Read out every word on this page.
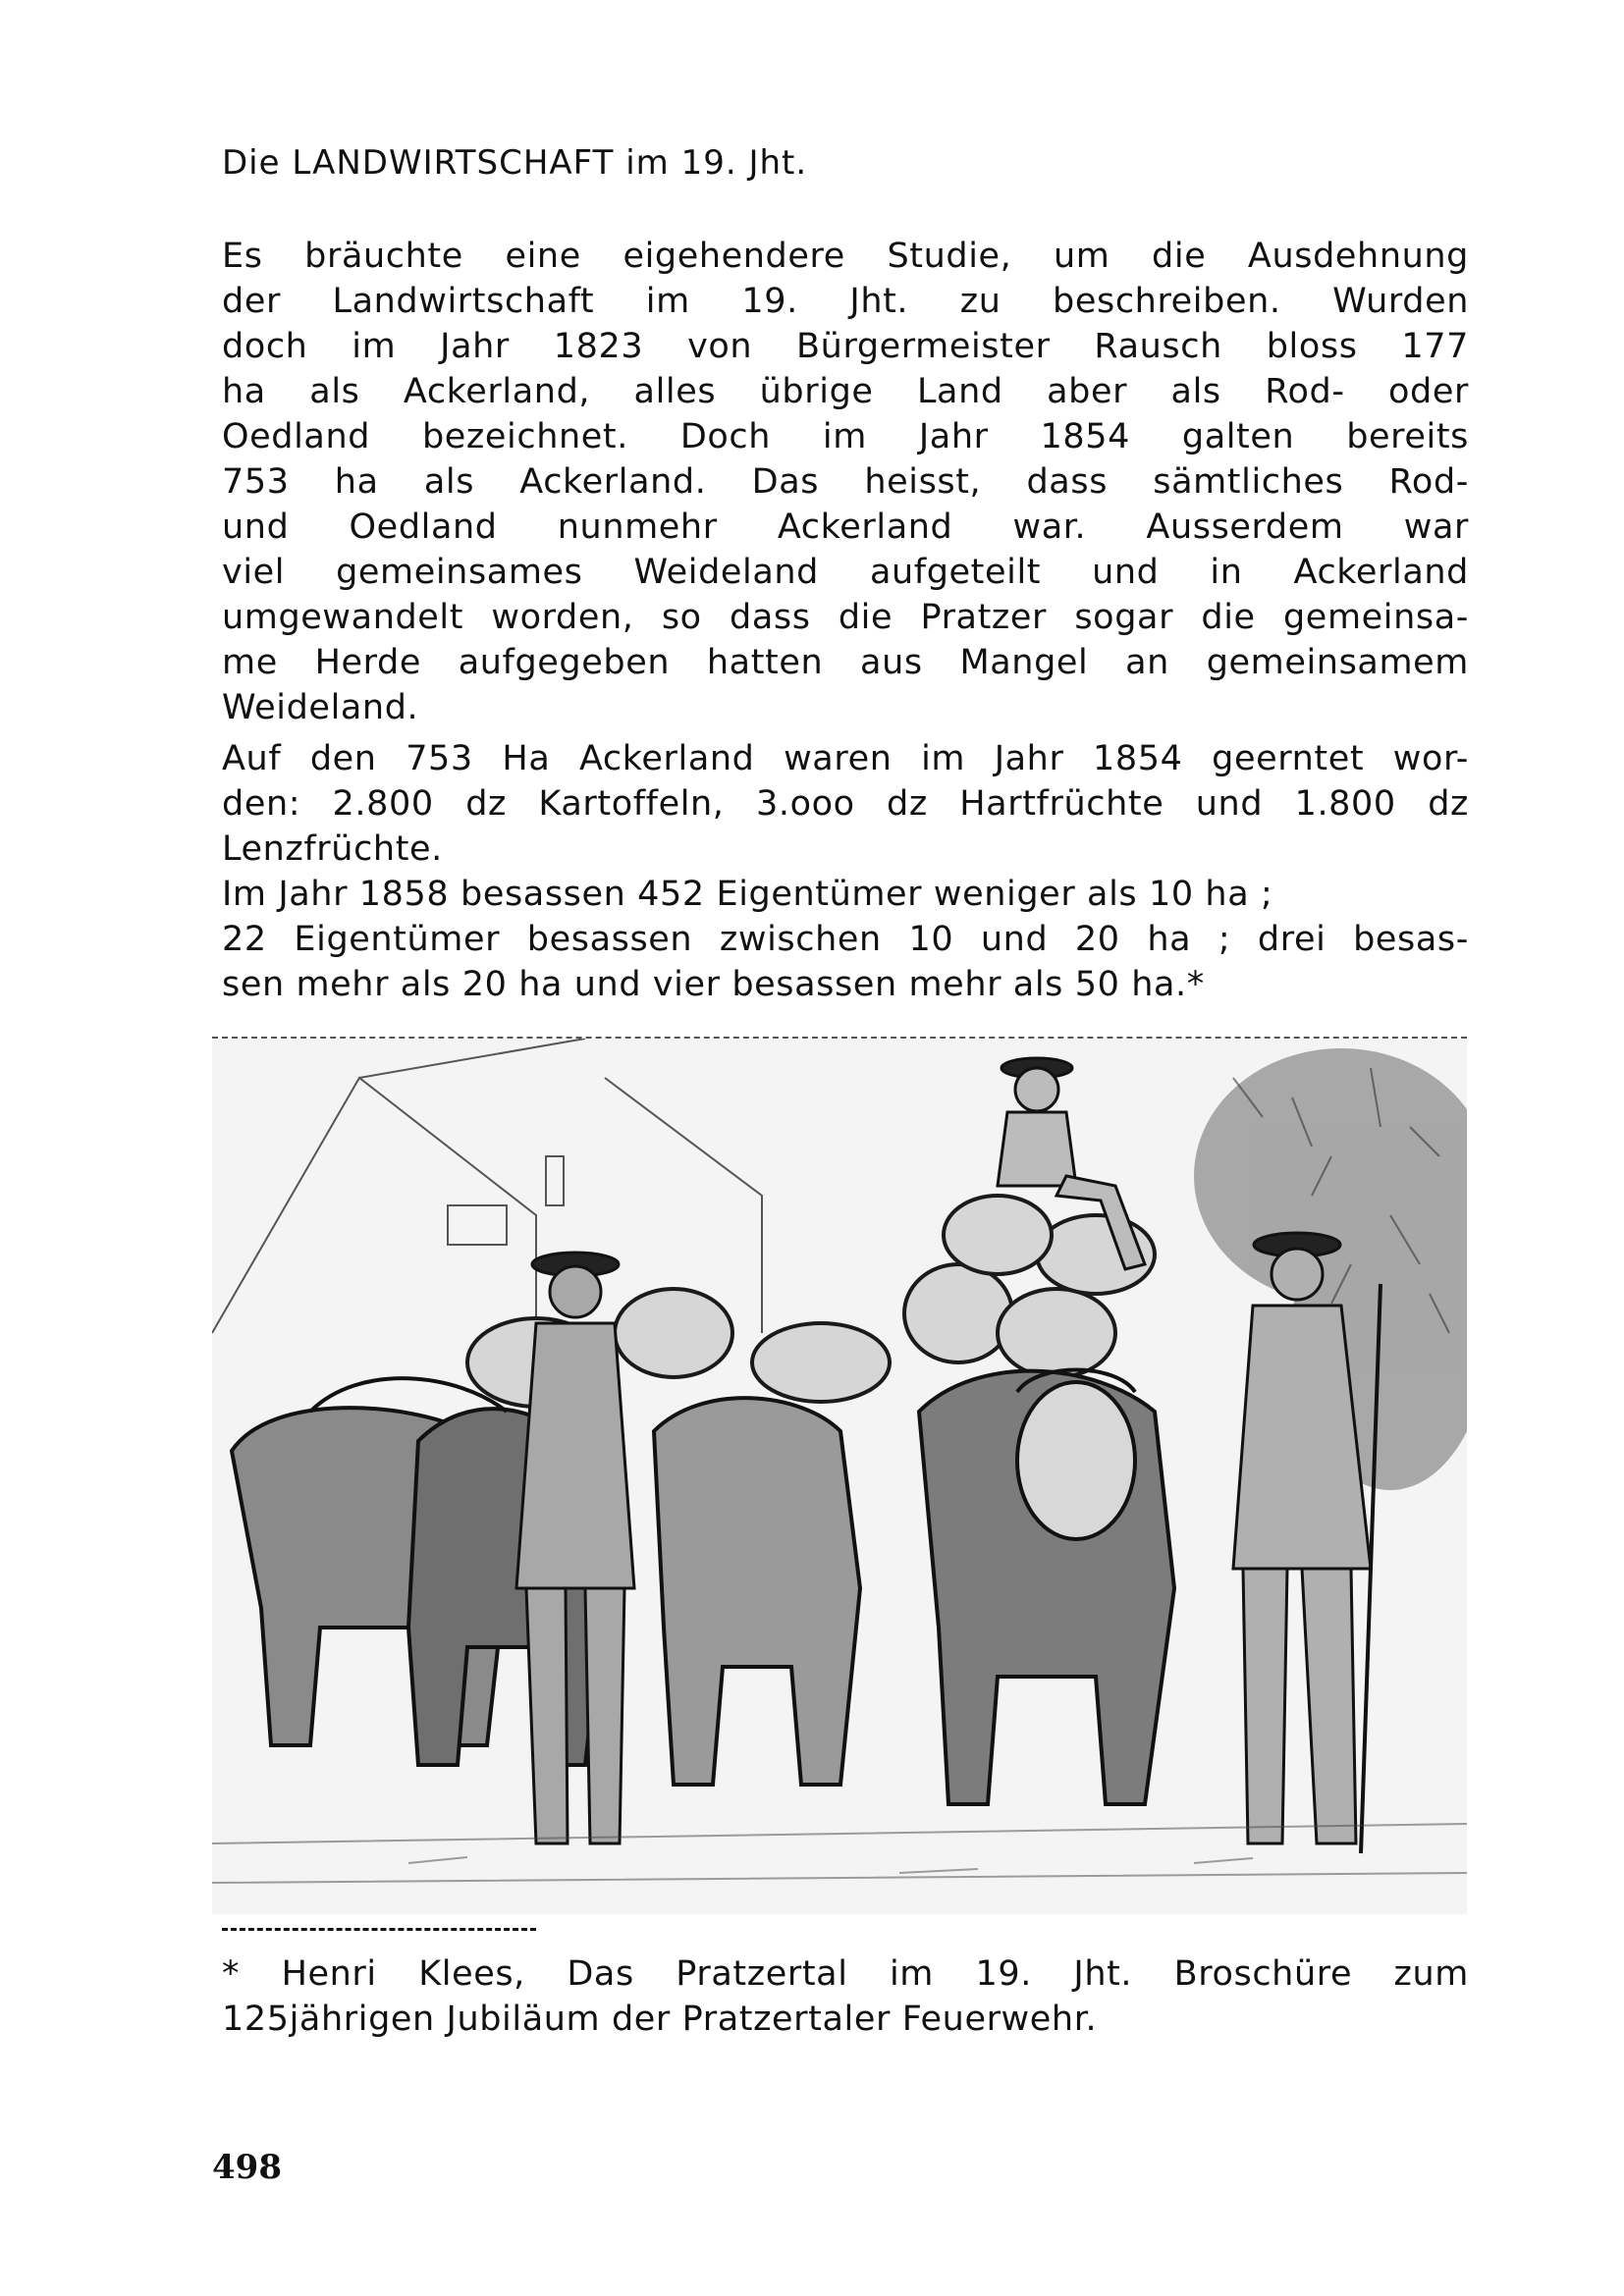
Die LANDWIRTSCHAFT im 19. Jht.
Es bräuchte eine eigehendere Studie, um die Ausdehnung
der Landwirtschaft im 19. Jht. zu beschreiben. Wurden
doch im Jahr 1823 von Bürgermeister Rausch bloss 177
ha als Ackerland, alles übrige Land aber als Rod- oder
Oedland bezeichnet. Doch im Jahr 1854 galten bereits
753 ha als Ackerland. Das heisst, dass sämtliches Rod-
und Oedland nunmehr Ackerland war. Ausserdem war
viel gemeinsames Weideland aufgeteilt und in Ackerland
umgewandelt worden, so dass die Pratzer sogar die gemeinsa-
me Herde aufgegeben hatten aus Mangel an gemeinsamem
Weideland.
Auf den 753 Ha Ackerland waren im Jahr 1854 geerntet wor-
den: 2.800 dz Kartoffeln, 3.ooo dz Hartfrüchte und 1.800 dz
Lenzfrüchte.
Im Jahr 1858 besassen 452 Eigentümer weniger als 10 ha ;
22 Eigentümer besassen zwischen 10 und 20 ha ; drei besas-
sen mehr als 20 ha und vier besassen mehr als 50 ha.*
* Henri Klees, Das Pratzertal im 19. Jht. Broschüre zum
125jährigen Jubiläum der Pratzertaler Feuerwehr.
498
